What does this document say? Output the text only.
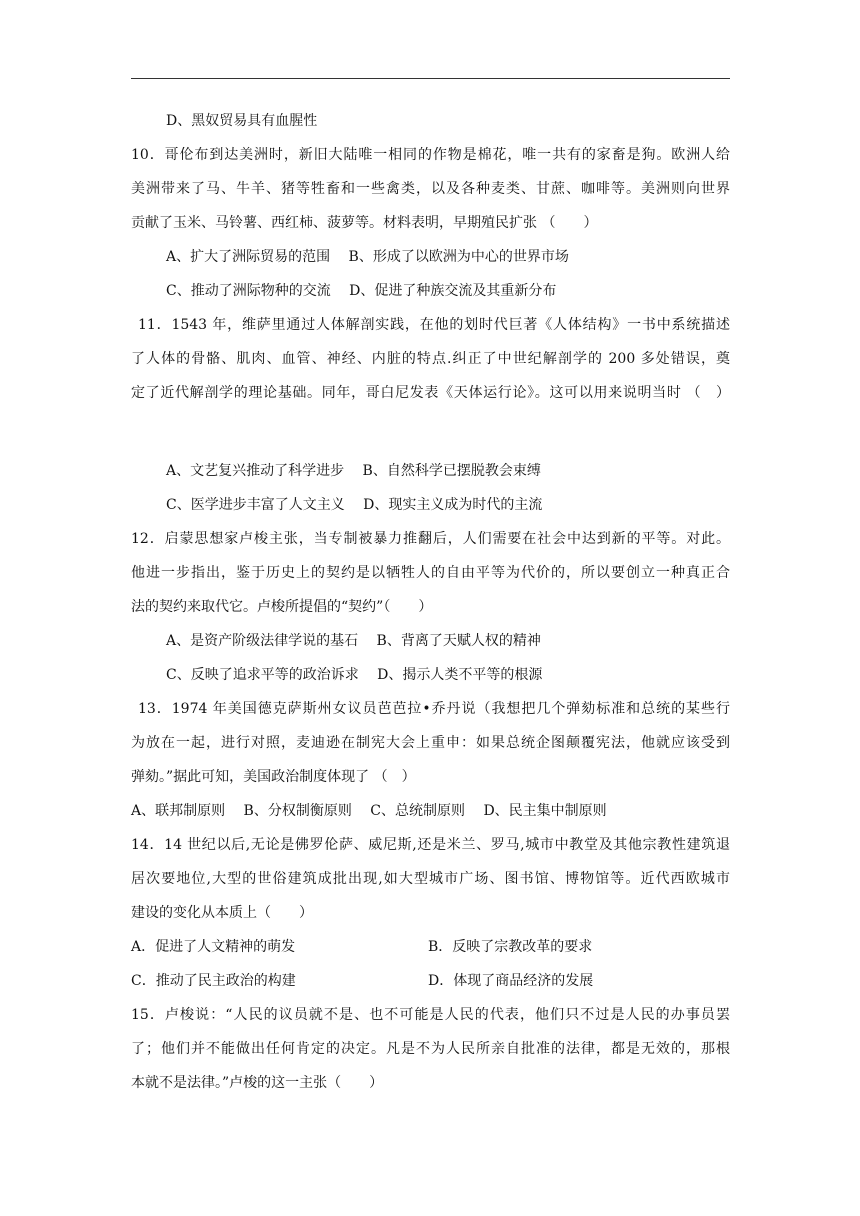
D、黑奴贸易具有血腥性
10．哥伦布到达美洲时，新旧大陆唯一相同的作物是棉花，唯一共有的家畜是狗。欧洲人给
美洲带来了马、牛羊、猪等牲畜和一些禽类，以及各种麦类、甘蔗、咖啡等。美洲则向世界
贡献了玉米、马铃薯、西红柿、菠萝等。材料表明，早期殖民扩张 （　　）
A、扩大了洲际贸易的范围　 B、形成了以欧洲为中心的世界市场
C、推动了洲际物种的交流　 D、促进了种族交流及其重新分布
11．1543 年，维萨里通过人体解剖实践，在他的划时代巨著《人体结构》一书中系统描述
了人体的骨骼、肌肉、血管、神经、内脏的特点.纠正了中世纪解剖学的 200 多处错误，奠
定了近代解剖学的理论基础。同年，哥白尼发表《天体运行论》。这可以用来说明当时 （　）
A、文艺复兴推动了科学进步　 B、自然科学已摆脱教会束缚
C、医学进步丰富了人文主义　 D、现实主义成为时代的主流
12．启蒙思想家卢梭主张，当专制被暴力推翻后，人们需要在社会中达到新的平等。对此。
他进一步指出，鉴于历史上的契约是以牺牲人的自由平等为代价的，所以要创立一种真正合
法的契约来取代它。卢梭所提倡的“契约”（　　）
A、是资产阶级法律学说的基石　 B、背离了天赋人权的精神
C、反映了追求平等的政治诉求　 D、揭示人类不平等的根源
13．1974 年美国德克萨斯州女议员芭芭拉•乔丹说（我想把几个弹劾标准和总统的某些行
为放在一起，进行对照，麦迪逊在制宪大会上重申：如果总统企图颠覆宪法，他就应该受到
弹劾。”据此可知，美国政治制度体现了 （　）
A、联邦制原则　 B、分权制衡原则　 C、总统制原则　 D、民主集中制原则
14．14 世纪以后,无论是佛罗伦萨、威尼斯,还是米兰、罗马,城市中教堂及其他宗教性建筑退
居次要地位,大型的世俗建筑成批出现,如大型城市广场、图书馆、博物馆等。近代西欧城市
建设的变化从本质上（　　）
A．促进了人文精神的萌发	B．反映了宗教改革的要求
C．推动了民主政治的构建	D．体现了商品经济的发展
15．卢梭说：“人民的议员就不是、也不可能是人民的代表，他们只不过是人民的办事员罢
了；他们并不能做出任何肯定的决定。凡是不为人民所亲自批准的法律，都是无效的，那根
本就不是法律。”卢梭的这一主张（　　）
